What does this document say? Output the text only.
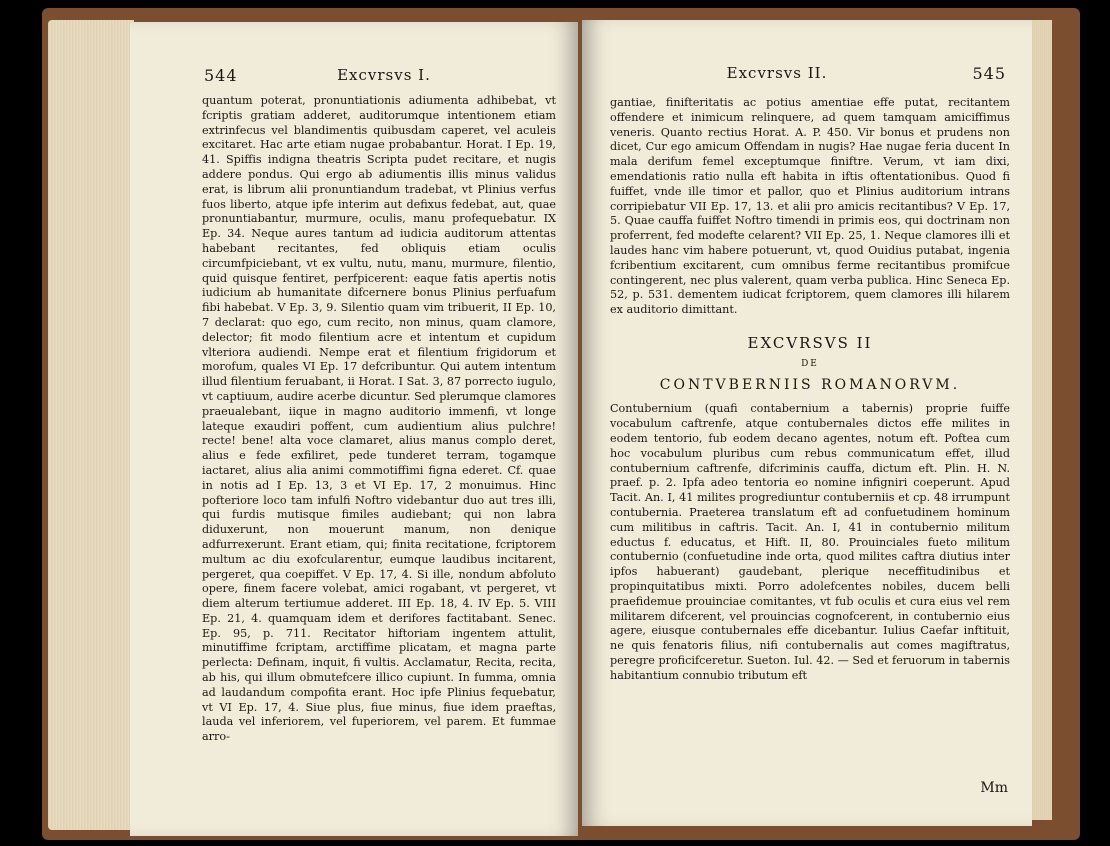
544	Excvrsvs I.

quantum poterat, pronuntiationis adiumenta adhibebat, vt fcriptis gratiam adderet, auditorumque intentionem etiam extrinfecus vel blandimentis quibusdam caperet, vel aculeis excitaret. Hac arte etiam nugae probabantur. Horat. I Ep. 19, 41. Spiffis indigna theatris Scripta pudet recitare, et nugis addere pondus. Qui ergo ab adiumentis illis minus validus erat, is librum alii pronuntiandum tradebat, vt Plinius verfus fuos liberto, atque ipfe interim aut defixus fedebat, aut, quae pronuntiabantur, murmure, oculis, manu profequebatur. IX Ep. 34. Neque aures tantum ad iudicia auditorum attentas habebant recitantes, fed obliquis etiam oculis circumfpiciebant, vt ex vultu, nutu, manu, murmure, filentio, quid quisque fentiret, perfpicerent: eaque fatis apertis notis iudicium ab humanitate difcernere bonus Plinius perfuafum fibi habebat. V Ep. 3, 9. Silentio quam vim tribuerit, II Ep. 10, 7 declarat: quo ego, cum recito, non minus, quam clamore, delector; fit modo filentium acre et intentum et cupidum vlteriora audiendi. Nempe erat et filentium frigidorum et morofum, quales VI Ep. 17 defcribuntur. Qui autem intentum illud filentium feruabant, ii Horat. I Sat. 3, 87 porrecto iugulo, vt captiuum, audire acerbe dicuntur. Sed plerumque clamores praeualebant, iique in magno auditorio immenfi, vt longe lateque exaudiri poffent, cum audientium alius pulchre! recte! bene! alta voce clamaret, alius manus complo deret, alius e fede exfiliret, pede tunderet terram, togamque iactaret, alius alia animi commotiffimi figna ederet. Cf. quae in notis ad I Ep. 13, 3 et VI Ep. 17, 2 monuimus. Hinc pofteriore loco tam infulfi Noftro videbantur duo aut tres illi, qui furdis mutisque fimiles audiebant; qui non labra diduxerunt, non mouerunt manum, non denique adfurrexerunt. Erant etiam, qui; finita recitatione, fcriptorem multum ac diu exofcularentur, eumque laudibus incitarent, pergeret, qua coepiffet. V Ep. 17, 4. Si ille, nondum abfoluto opere, finem facere volebat, amici rogabant, vt pergeret, vt diem alterum tertiumue adderet. III Ep. 18, 4. IV Ep. 5. VIII Ep. 21, 4. quamquam idem et derifores factitabant. Senec. Ep. 95, p. 711. Recitator hiftoriam ingentem attulit, minutiffime fcriptam, arctiffime plicatam, et magna parte perlecta: Definam, inquit, fi vultis. Acclamatur, Recita, recita, ab his, qui illum obmutefcere illico cupiunt. In fumma, omnia ad laudandum compofita erant. Hoc ipfe Plinius fequebatur, vt VI Ep. 17, 4. Siue plus, fiue minus, fiue idem praeftas, lauda vel inferiorem, vel fuperiorem, vel parem. Et fummae arro-

Excvrsvs II.	545

gantiae, finifteritatis ac potius amentiae effe putat, recitantem offendere et inimicum relinquere, ad quem tamquam amiciffimus veneris. Quanto rectius Horat. A. P. 450. Vir bonus et prudens non dicet, Cur ego amicum Offendam in nugis? Hae nugae feria ducent In mala derifum femel exceptumque finiftre. Verum, vt iam dixi, emendationis ratio nulla eft habita in iftis oftentationibus. Quod fi fuiffet, vnde ille timor et pallor, quo et Plinius auditorium intrans corripiebatur VII Ep. 17, 13. et alii pro amicis recitantibus? V Ep. 17, 5. Quae cauffa fuiffet Noftro timendi in primis eos, qui doctrinam non proferrent, fed modefte celarent? VII Ep. 25, 1. Neque clamores illi et laudes hanc vim habere potuerunt, vt, quod Ouidius putabat, ingenia fcribentium excitarent, cum omnibus ferme recitantibus promifcue contingerent, nec plus valerent, quam verba publica. Hinc Seneca Ep. 52, p. 531. dementem iudicat fcriptorem, quem clamores illi hilarem ex auditorio dimittant.

EXCVRSVS II
DE
CONTVBERNIIS ROMANORVM.

Contubernium (quafi contabernium a tabernis) proprie fuiffe vocabulum caftrenfe, atque contubernales dictos effe milites in eodem tentorio, fub eodem decano agentes, notum eft. Poftea cum hoc vocabulum pluribus cum rebus communicatum effet, illud contubernium caftrenfe, difcriminis cauffa, dictum eft. Plin. H. N. praef. p. 2. Ipfa adeo tentoria eo nomine infigniri coeperunt. Apud Tacit. An. I, 41 milites progrediuntur contuberniis et cp. 48 irrumpunt contubernia. Praeterea translatum eft ad confuetudinem hominum cum militibus in caftris. Tacit. An. I, 41 in contubernio militum eductus f. educatus, et Hift. II, 80. Prouinciales fueto militum contubernio (confuetudine inde orta, quod milites caftra diutius inter ipfos habuerant) gaudebant, plerique neceffitudinibus et propinquitatibus mixti. Porro adolefcentes nobiles, ducem belli praefidemue prouinciae comitantes, vt fub oculis et cura eius vel rem militarem difcerent, vel prouincias cognofcerent, in contubernio eius agere, eiusque contubernales effe dicebantur. Iulius Caefar inftituit, ne quis fenatoris filius, nifi contubernalis aut comes magiftratus, peregre proficifceretur. Sueton. Iul. 42. — Sed et feruorum in tabernis habitantium connubio tributum eft

Mm
